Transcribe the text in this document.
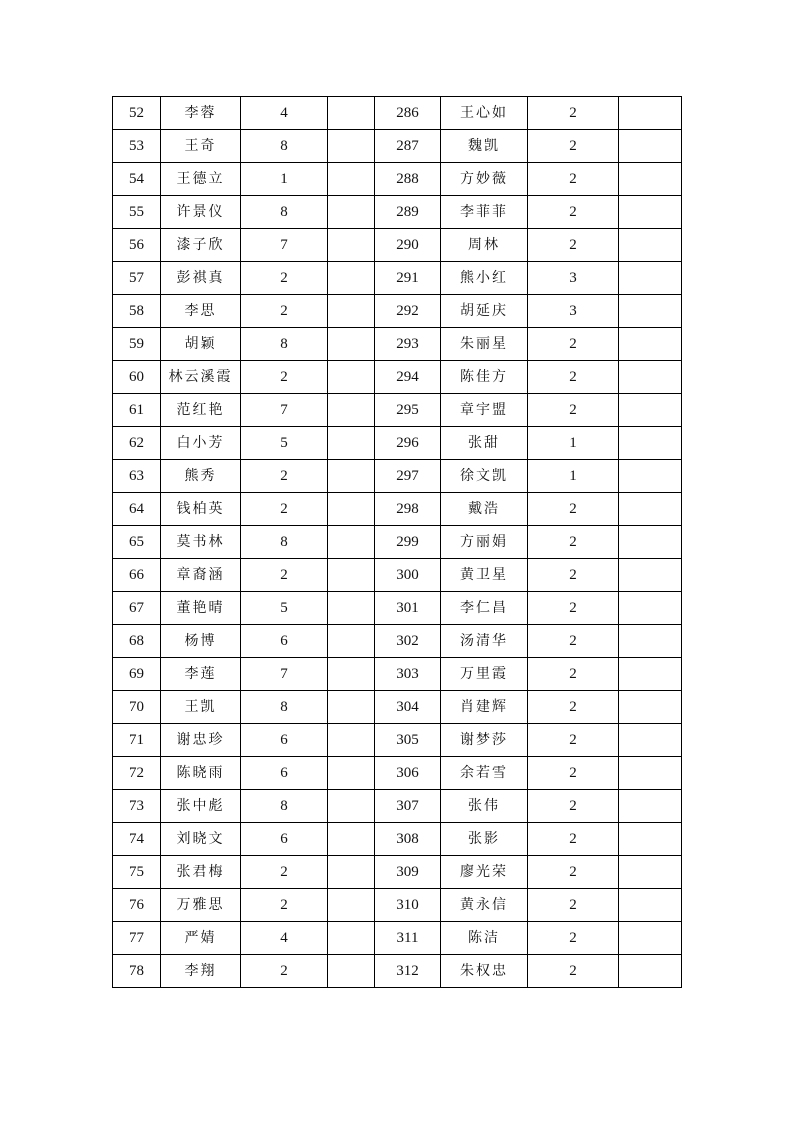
52	李蓉	4		286	王心如	2	
53	王奇	8		287	魏凯	2	
54	王德立	1		288	方妙薇	2	
55	许景仪	8		289	李菲菲	2	
56	漆子欣	7		290	周林	2	
57	彭祺真	2		291	熊小红	3	
58	李思	2		292	胡延庆	3	
59	胡颖	8		293	朱丽星	2	
60	林云溪霞	2		294	陈佳方	2	
61	范红艳	7		295	章宇盟	2	
62	白小芳	5		296	张甜	1	
63	熊秀	2		297	徐文凯	1	
64	钱柏英	2		298	戴浩	2	
65	莫书林	8		299	方丽娟	2	
66	章裔涵	2		300	黄卫星	2	
67	董艳晴	5		301	李仁昌	2	
68	杨博	6		302	汤清华	2	
69	李莲	7		303	万里霞	2	
70	王凯	8		304	肖建辉	2	
71	谢忠珍	6		305	谢梦莎	2	
72	陈晓雨	6		306	余若雪	2	
73	张中彪	8		307	张伟	2	
74	刘晓文	6		308	张影	2	
75	张君梅	2		309	廖光荣	2	
76	万雅思	2		310	黄永信	2	
77	严婧	4		311	陈洁	2	
78	李翔	2		312	朱权忠	2	
